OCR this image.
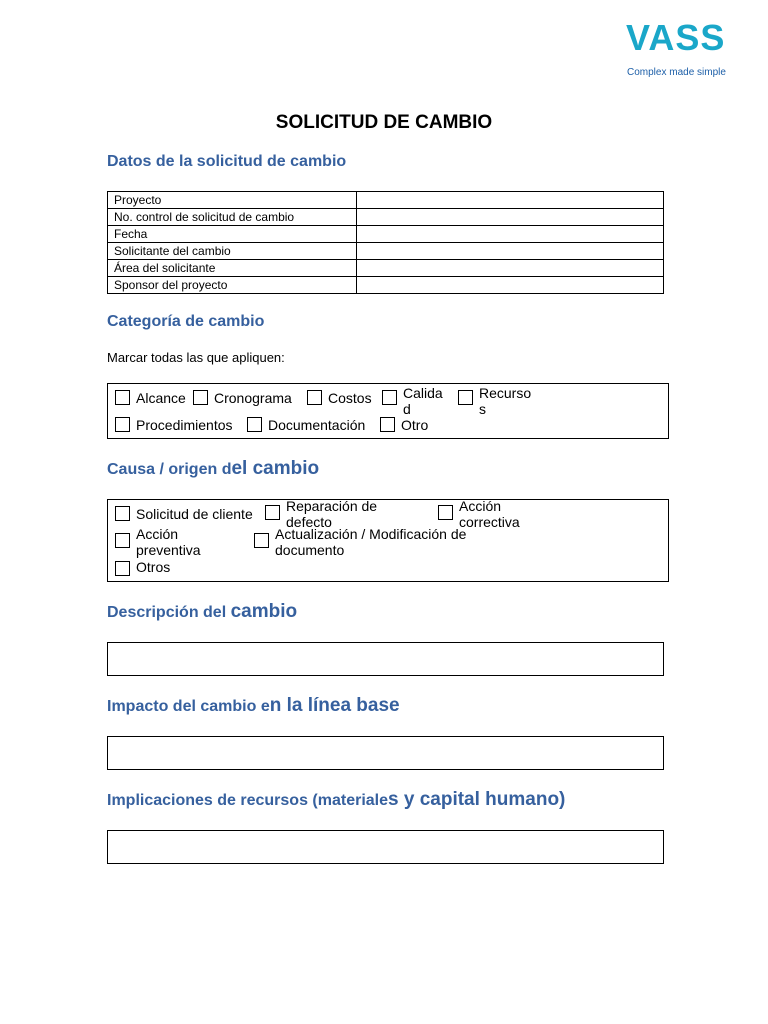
VASS
Complex made simple
SOLICITUD DE CAMBIO
Datos de la solicitud de cambio
Proyecto	
No. control de solicitud de cambio	
Fecha	
Solicitante del cambio	
Área del solicitante	
Sponsor del proyecto	
Categoría de cambio
Marcar todas las que apliquen:
Alcance Cronograma	Costos Calida d
Recurso s
Procedimientos	Documentación	Otro
Causa / origen del cambio
Solicitud de cliente Reparación de defecto
Acción correctiva
Acción preventiva
Actualización / Modificación de documento
Otros
Descripción del cambio
Impacto del cambio en la línea base
Implicaciones de recursos (materiales y capital humano)
